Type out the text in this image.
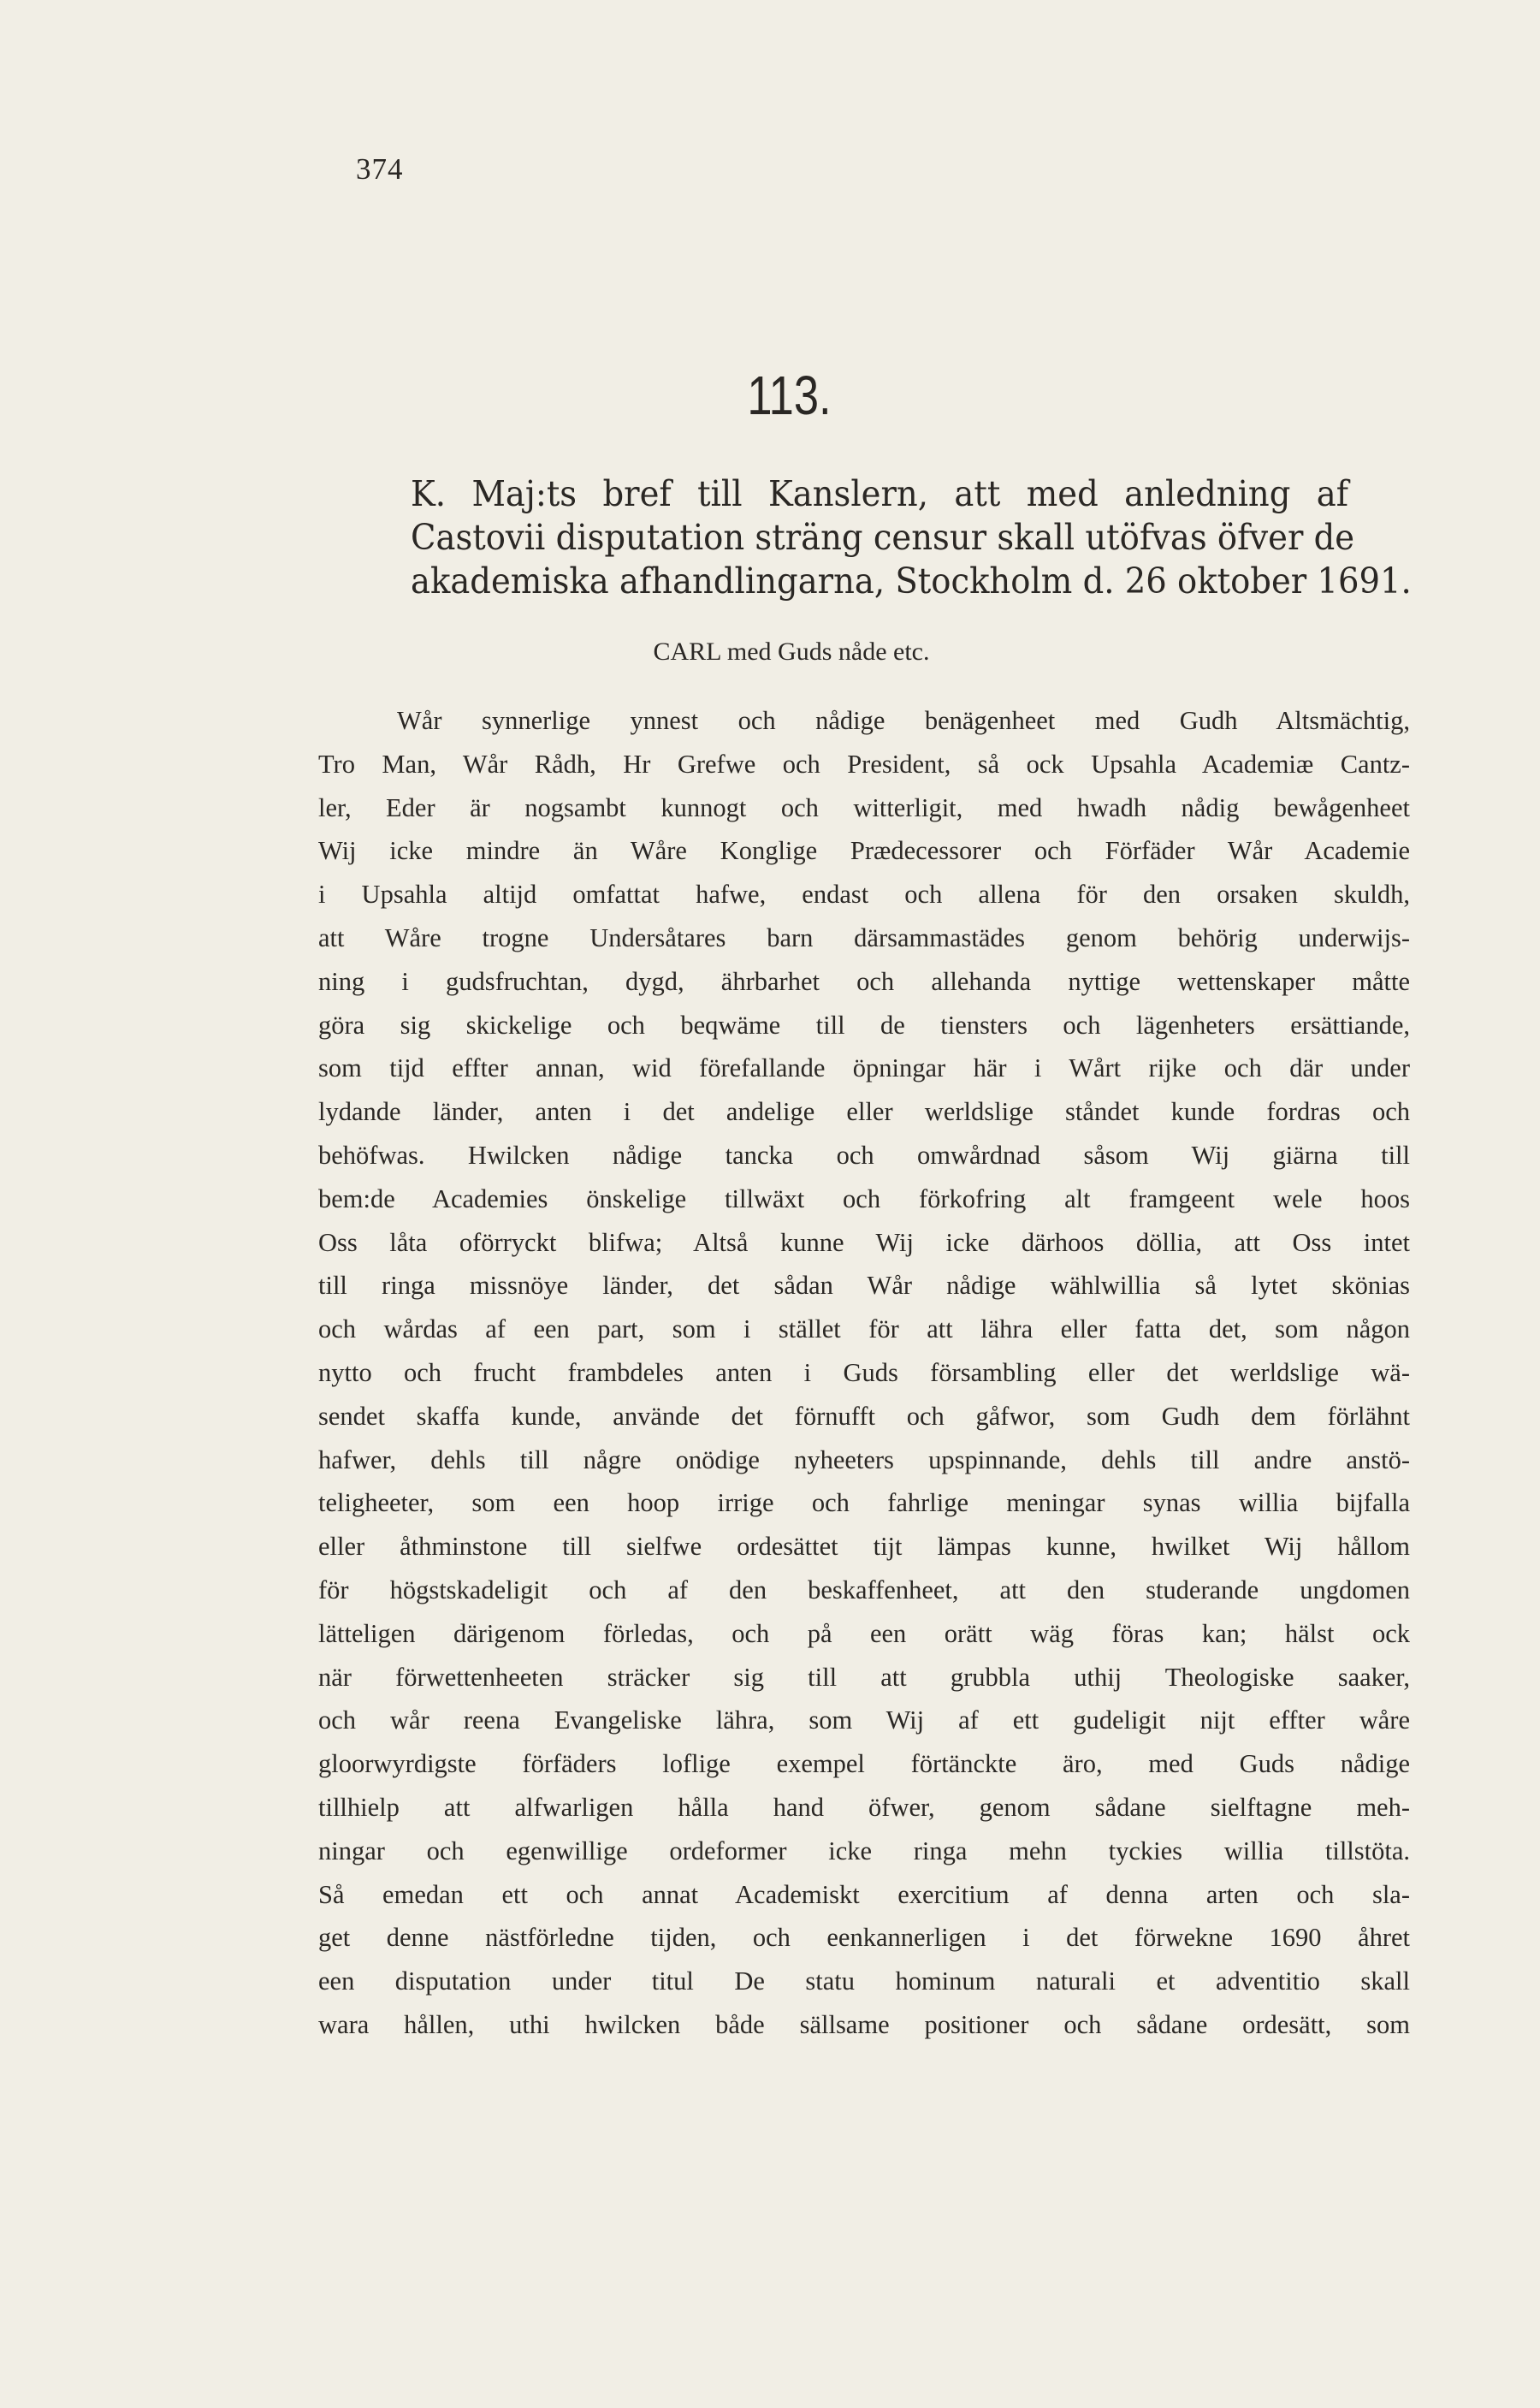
374
113.
K. Maj:ts bref till Kanslern, att med anledning af
Castovii disputation sträng censur skall utöfvas öfver de
akademiska afhandlingarna, Stockholm d. 26 oktober 1691.
CARL med Guds nåde etc.
Wår synnerlige ynnest och nådige benägenheet med Gudh Altsmächtig,
Tro Man, Wår Rådh, Hr Grefwe och President, så ock Upsahla Academiæ Cantz-
ler, Eder är nogsambt kunnogt och witterligit, med hwadh nådig bewågenheet
Wij icke mindre än Wåre Konglige Prædecessorer och Förfäder Wår Academie
i Upsahla altijd omfattat hafwe, endast och allena för den orsaken skuldh,
att Wåre trogne Undersåtares barn därsammastädes genom behörig underwijs-
ning i gudsfruchtan, dygd, ährbarhet och allehanda nyttige wettenskaper måtte
göra sig skickelige och beqwäme till de tiensters och lägenheters ersättiande,
som tijd effter annan, wid förefallande öpningar här i Wårt rijke och där under
lydande länder, anten i det andelige eller werldslige ståndet kunde fordras och
behöfwas. Hwilcken nådige tancka och omwårdnad såsom Wij giärna till
bem:de Academies önskelige tillwäxt och förkofring alt framgeent wele hoos
Oss låta oförryckt blifwa; Altså kunne Wij icke därhoos döllia, att Oss intet
till ringa missnöye länder, det sådan Wår nådige wählwillia så lytet skönias
och wårdas af een part, som i stället för att lähra eller fatta det, som någon
nytto och frucht frambdeles anten i Guds försambling eller det werldslige wä-
sendet skaffa kunde, använde det förnufft och gåfwor, som Gudh dem förlähnt
hafwer, dehls till någre onödige nyheeters upspinnande, dehls till andre anstö-
teligheeter, som een hoop irrige och fahrlige meningar synas willia bijfalla
eller åthminstone till sielfwe ordesättet tijt lämpas kunne, hwilket Wij hållom
för högstskadeligit och af den beskaffenheet, att den studerande ungdomen
lätteligen därigenom förledas, och på een orätt wäg föras kan; hälst ock
när förwettenheeten sträcker sig till att grubbla uthij Theologiske saaker,
och wår reena Evangeliske lähra, som Wij af ett gudeligit nijt effter wåre
gloorwyrdigste förfäders loflige exempel förtänckte äro, med Guds nådige
tillhielp att alfwarligen hålla hand öfwer, genom sådane sielftagne meh-
ningar och egenwillige ordeformer icke ringa mehn tyckies willia tillstöta.
Så emedan ett och annat Academiskt exercitium af denna arten och sla-
get denne nästförledne tijden, och eenkannerligen i det förwekne 1690 åhret
een disputation under titul De statu hominum naturali et adventitio skall
wara hållen, uthi hwilcken både sällsame positioner och sådane ordesätt, som
